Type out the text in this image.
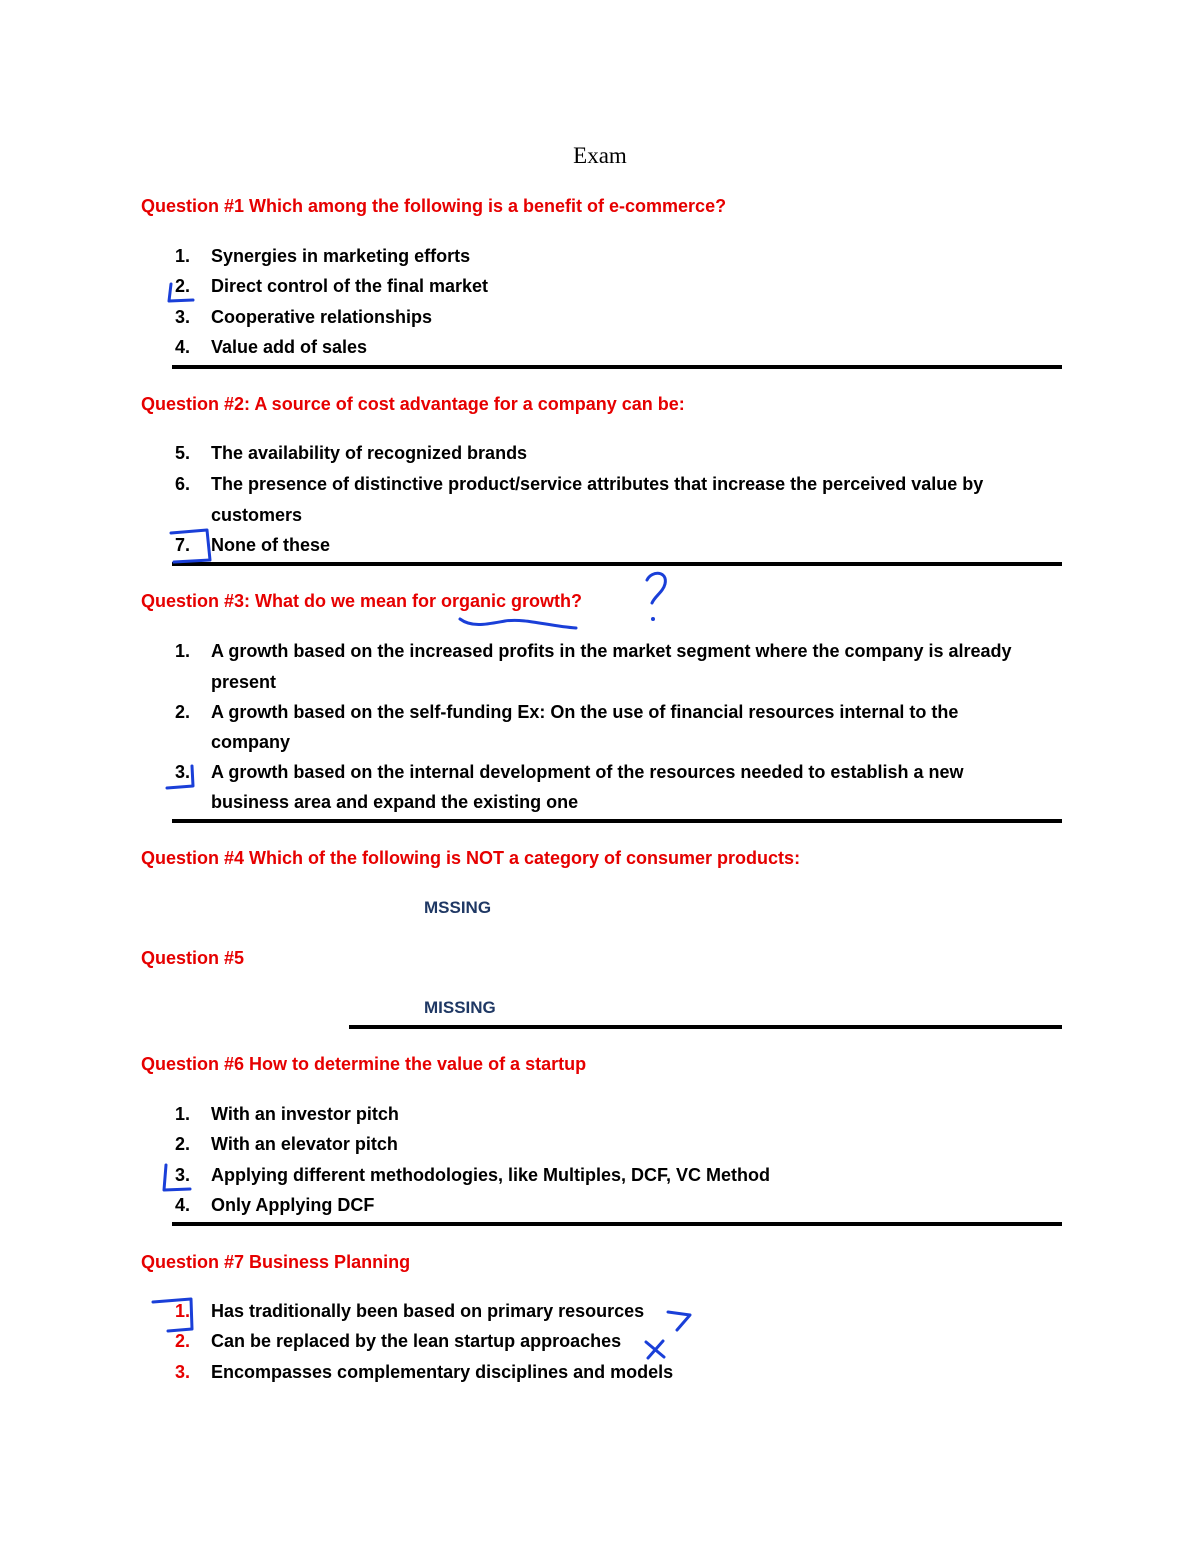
Exam
Question #1 Which among the following is a benefit of e-commerce?
1. Synergies in marketing efforts
2. Direct control of the final market
3. Cooperative relationships
4. Value add of sales
Question #2: A source of cost advantage for a company can be:
5. The availability of recognized brands
6. The presence of distinctive product/service attributes that increase the perceived value by
customers
7. None of these
Question #3: What do we mean for organic growth?
1. A growth based on the increased profits in the market segment where the company is already
present
2. A growth based on the self-funding Ex: On the use of financial resources internal to the
company
3. A growth based on the internal development of the resources needed to establish a new
business area and expand the existing one
Question #4 Which of the following is NOT a category of consumer products:
MSSING
Question #5
MISSING
Question #6 How to determine the value of a startup
1. With an investor pitch
2. With an elevator pitch
3. Applying different methodologies, like Multiples, DCF, VC Method
4. Only Applying DCF
Question #7 Business Planning
1. Has traditionally been based on primary resources
2. Can be replaced by the lean startup approaches
3. Encompasses complementary disciplines and models
